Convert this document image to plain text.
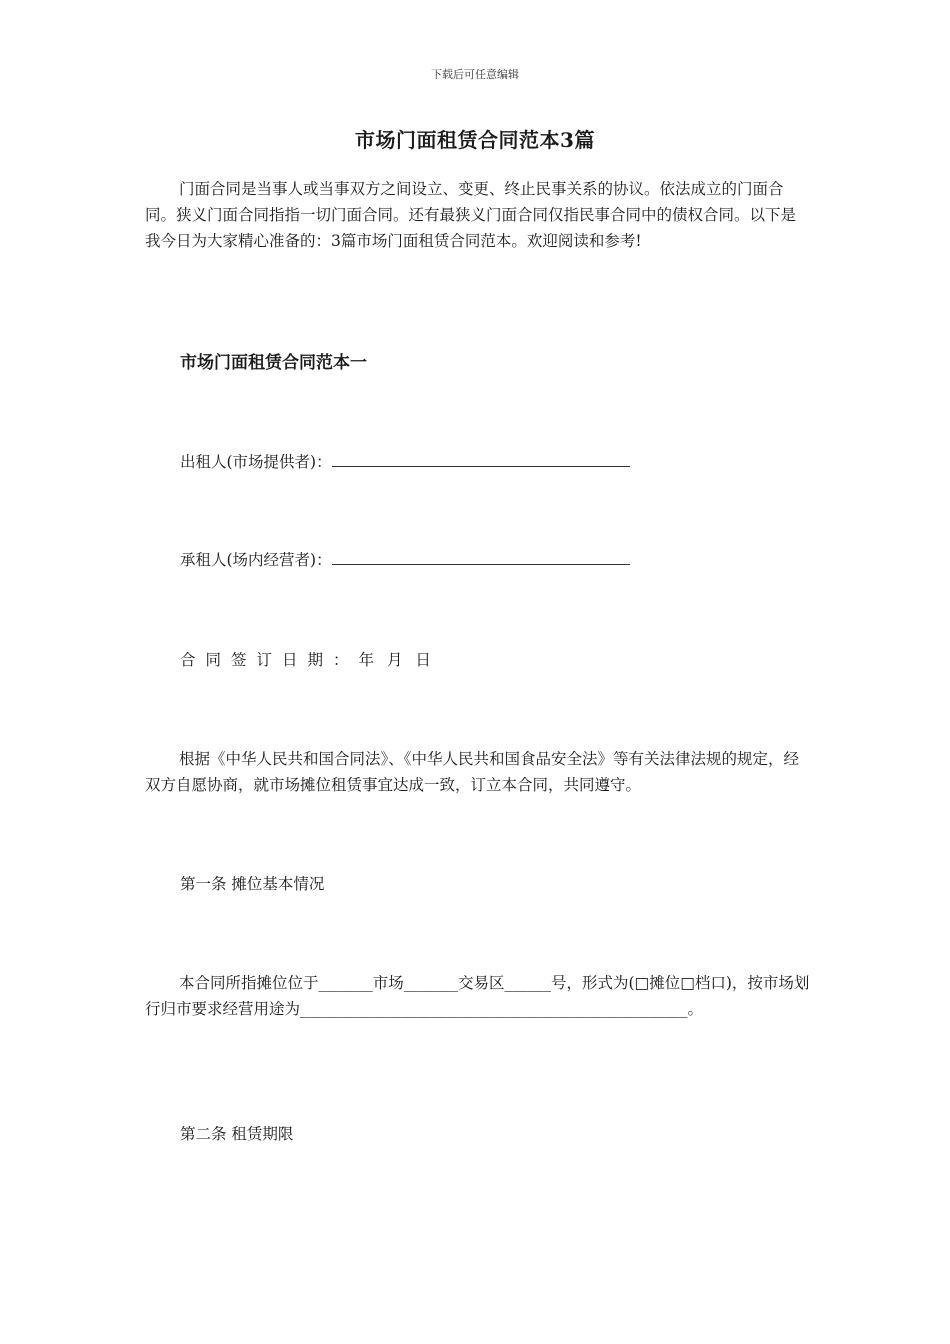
下载后可任意编辑
市场门面租赁合同范本3篇

门面合同是当事人或当事双方之间设立、变更、终止民事关系的协议。依法成立的门面合同。狭义门面合同指指一切门面合同。还有最狭义门面合同仅指民事合同中的债权合同。以下是我今日为大家精心准备的：3篇市场门面租赁合同范本。欢迎阅读和参考!

市场门面租赁合同范本一
出租人(市场提供者)：
承租人(场内经营者)：
合同签订日期：年 月 日

根据《中华人民共和国合同法》、《中华人民共和国食品安全法》等有关法律法规的规定，经双方自愿协商，就市场摊位租赁事宜达成一致，订立本合同，共同遵守。

第一条 摊位基本情况

本合同所指摊位位于_______市场_______交易区______号，形式为(□摊位□档口)，按市场划行归市要求经营用途为__________________________________________________。

第二条 租赁期限
